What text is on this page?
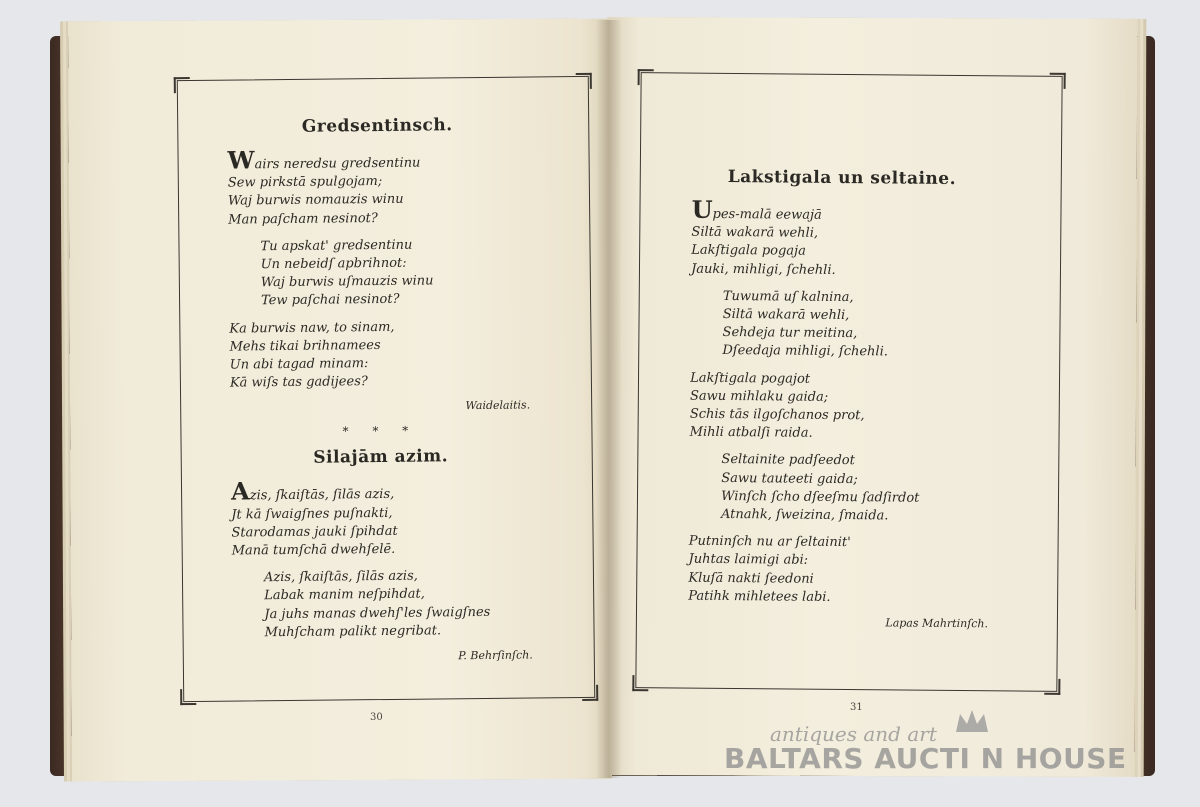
Gredsentinsch.
Wairs neredsu gredsentinu
Sew pirkstā spulgojam;
Waj burwis nomauzis winu
Man paſcham nesinot?
Tu apskat' gredsentinu
Un nebeidſ apbrihnot:
Waj burwis uſmauzis winu
Tew paſchai nesinot?
Ka burwis naw, to sinam,
Mehs tikai brihnamees
Un abi tagad minam:
Kā wiſs tas gadijees?
Waidelaitis.
* * *
Silajām azim.
Azis, ſkaiſtās, ſilās azis,
Jt kā ſwaigſnes puſnakti,
Starodamas jauki ſpihdat
Manā tumſchā dwehſelē.
Azis, ſkaiſtās, ſilās azis,
Labak manim neſpihdat,
Ja juhs manas dwehſ'les ſwaigſnes
Muhſcham palikt negribat.
P. Behrſinſch.
30
Lakstigala un seltaine.
Upes-malā eewajā
Siltā wakarā wehli,
Lakſtigala pogaja
Jauki, mihligi, ſchehli.
Tuwumā uſ kalnina,
Siltā wakarā wehli,
Sehdeja tur meitina,
Dſeedaja mihligi, ſchehli.
Lakſtigala pogajot
Sawu mihlaku gaida;
Schis tās ilgoſchanos prot,
Mihli atbalſi raida.
Seltainite padſeedot
Sawu tauteeti gaida;
Winſch ſcho dſeeſmu ſadſirdot
Atnahk, ſweizina, ſmaida.
Putninſch nu ar ſeltainit'
Juhtas laimigi abi:
Kluſā nakti ſeedoni
Patihk mihletees labi.
Lapas Mahrtinſch.
31
antiques and art
BALTARS AUCTI N HOUSE
